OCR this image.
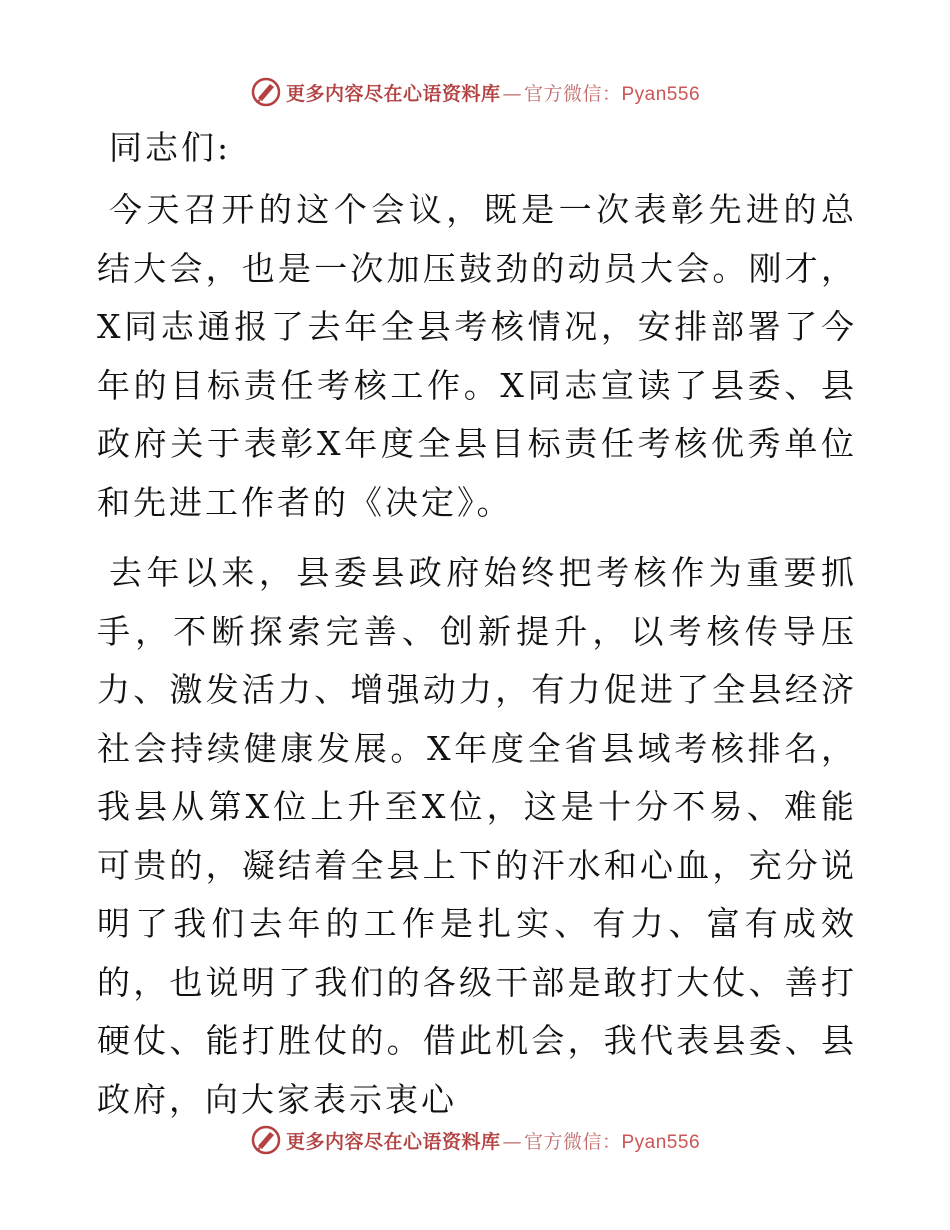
更多内容尽在心语资料库 — 官方微信：Pyan556

同志们:

今天召开的这个会议，既是一次表彰先进的总结大会，也是一次加压鼓劲的动员大会。刚才，X同志通报了去年全县考核情况，安排部署了今年的目标责任考核工作。X同志宣读了县委、县政府关于表彰X年度全县目标责任考核优秀单位和先进工作者的《决定》。

去年以来，县委县政府始终把考核作为重要抓手，不断探索完善、创新提升，以考核传导压力、激发活力、增强动力，有力促进了全县经济社会持续健康发展。X年度全省县域考核排名，我县从第X位上升至X位，这是十分不易、难能可贵的，凝结着全县上下的汗水和心血，充分说明了我们去年的工作是扎实、有力、富有成效的，也说明了我们的各级干部是敢打大仗、善打硬仗、能打胜仗的。借此机会，我代表县委、县政府，向大家表示衷心

更多内容尽在心语资料库 — 官方微信：Pyan556
